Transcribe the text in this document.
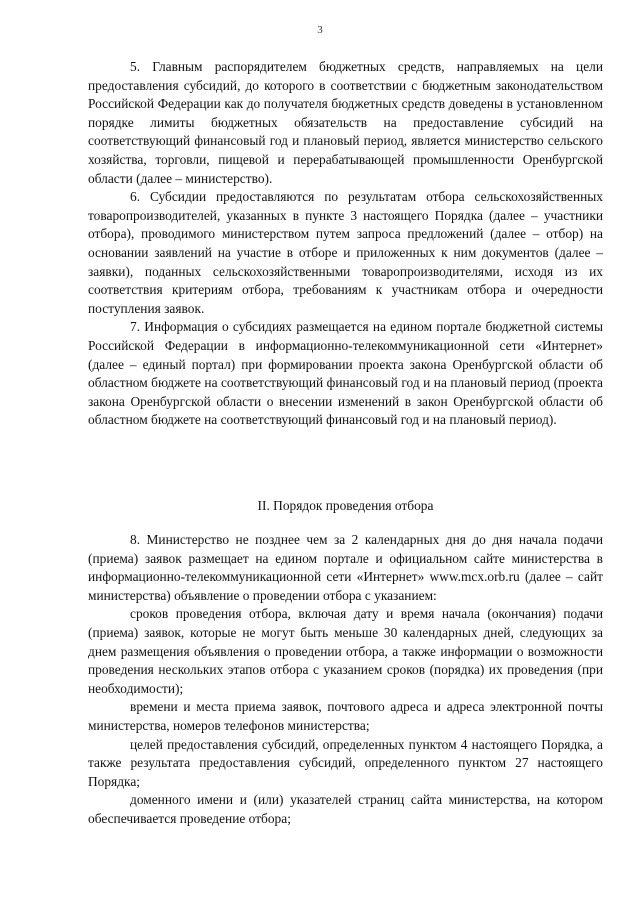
3

5. Главным распорядителем бюджетных средств, направляемых на цели предоставления субсидий, до которого в соответствии с бюджетным законодательством Российской Федерации как до получателя бюджетных средств доведены в установленном порядке лимиты бюджетных обязательств на предоставление субсидий на соответствующий финансовый год и плановый период, является министерство сельского хозяйства, торговли, пищевой и перерабатывающей промышленности Оренбургской области (далее – министерство).

6. Субсидии предоставляются по результатам отбора сельскохозяйственных товаропроизводителей, указанных в пункте 3 настоящего Порядка (далее – участники отбора), проводимого министерством путем запроса предложений (далее – отбор) на основании заявлений на участие в отборе и приложенных к ним документов (далее – заявки), поданных сельскохозяйственными товаропроизводителями, исходя из их соответствия критериям отбора, требованиям к участникам отбора и очередности поступления заявок.

7. Информация о субсидиях размещается на едином портале бюджетной системы Российской Федерации в информационно-телекоммуникационной сети «Интернет» (далее – единый портал) при формировании проекта закона Оренбургской области об областном бюджете на соответствующий финансовый год и на плановый период (проекта закона Оренбургской области о внесении изменений в закон Оренбургской области об областном бюджете на соответствующий финансовый год и на плановый период).

II. Порядок проведения отбора

8. Министерство не позднее чем за 2 календарных дня до дня начала подачи (приема) заявок размещает на едином портале и официальном сайте министерства в информационно-телекоммуникационной сети «Интернет» www.mcx.orb.ru (далее – сайт министерства) объявление о проведении отбора с указанием:

сроков проведения отбора, включая дату и время начала (окончания) подачи (приема) заявок, которые не могут быть меньше 30 календарных дней, следующих за днем размещения объявления о проведении отбора, а также информации о возможности проведения нескольких этапов отбора с указанием сроков (порядка) их проведения (при необходимости);

времени и места приема заявок, почтового адреса и адреса электронной почты министерства, номеров телефонов министерства;

целей предоставления субсидий, определенных пунктом 4 настоящего Порядка, а также результата предоставления субсидий, определенного пунктом 27 настоящего Порядка;

доменного имени и (или) указателей страниц сайта министерства, на котором обеспечивается проведение отбора;
